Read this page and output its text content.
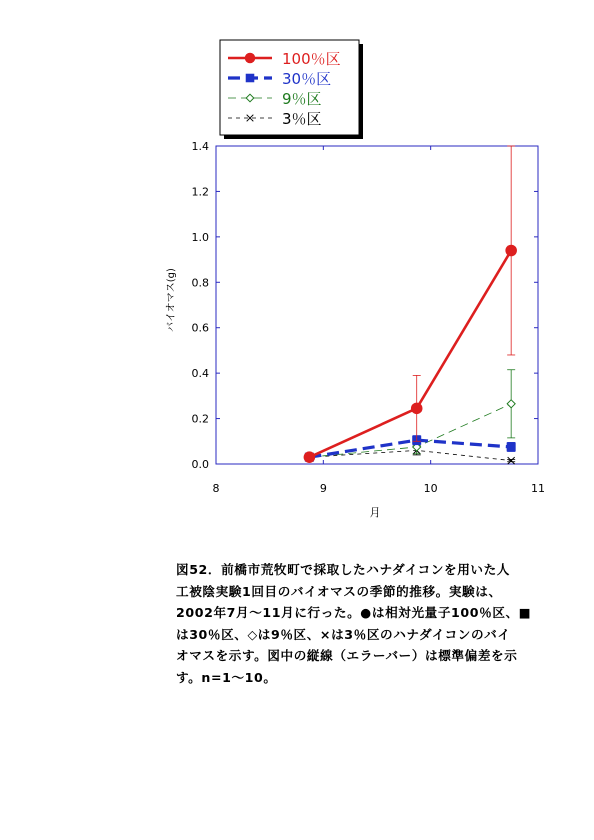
100％区
30％区
9％区
3％区
0.0
0.2
0.4
0.6
0.8
1.0
1.2
1.4
8	9	10	11
月
バイオマス(g)
図52．前橋市荒牧町で採取したハナダイコンを用いた人
工被陰実験1回目のバイオマスの季節的推移。実験は、
2002年7月～11月に行った。●は相対光量子100％区、■
は30％区、◇は9％区、×は3％区のハナダイコンのバイ
オマスを示す。図中の縦線（エラーバー）は標準偏差を示
す。n=1～10。
